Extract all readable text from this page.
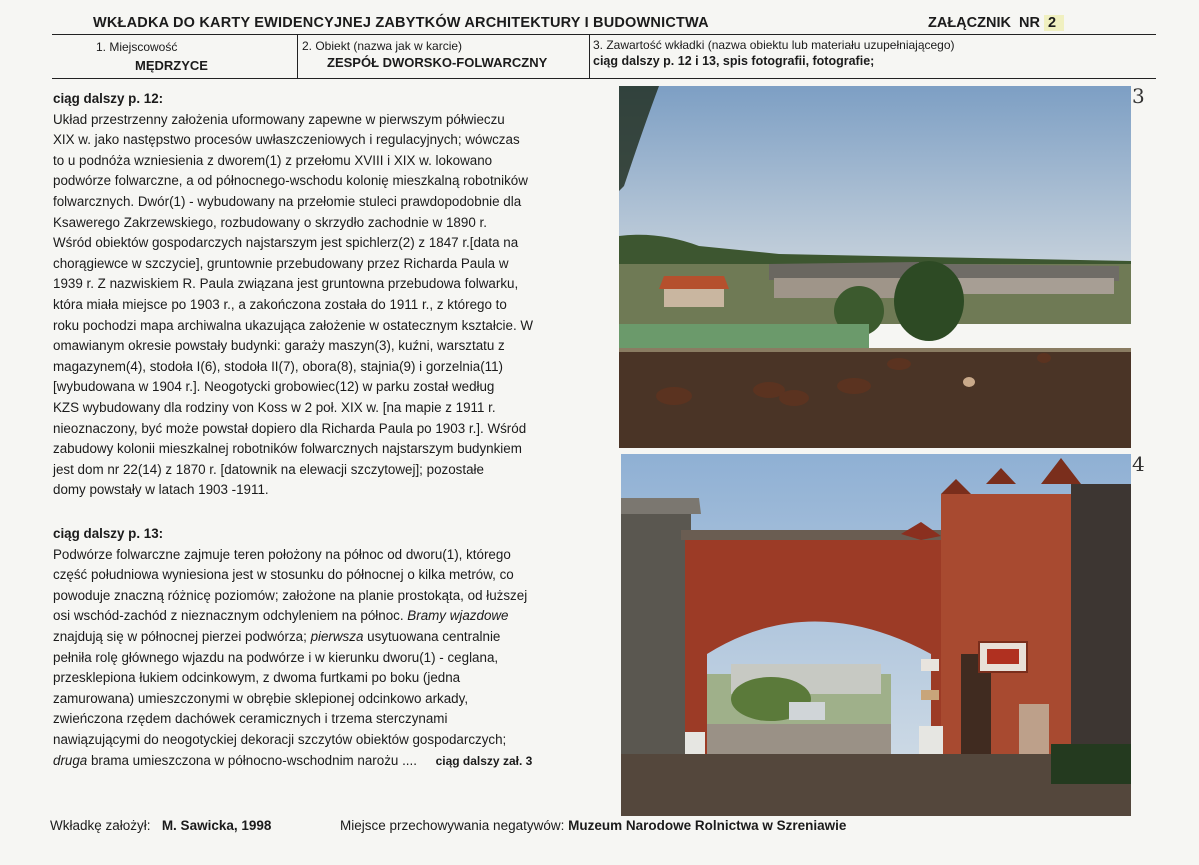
WKŁADKA DO KARTY EWIDENCYJNEJ ZABYTKÓW ARCHITEKTURY I BUDOWNICTWA	ZAŁĄCZNIK NR 2
1. Miejscowość
MĘDRZYCE
2. Obiekt (nazwa jak w karcie)
ZESPÓŁ DWORSKO-FOLWARCZNY
3. Zawartość wkładki (nazwa obiektu lub materiału uzupełniającego)
ciąg dalszy p. 12 i 13, spis fotografii, fotografie;

ciąg dalszy p. 12:

Układ przestrzenny założenia uformowany zapewne w pierwszym półwieczu

XIX w. jako następstwo procesów uwłaszczeniowych i regulacyjnych; wówczas

to u podnóża wzniesienia z dworem(1) z przełomu XVIII i XIX w. lokowano

podwórze folwarczne, a od północnego-wschodu kolonię mieszkalną robotników

folwarcznych. Dwór(1) - wybudowany na przełomie stuleci prawdopodobnie dla

Ksawerego Zakrzewskiego, rozbudowany o skrzydło zachodnie w 1890 r.

Wśród obiektów gospodarczych najstarszym jest spichlerz(2) z 1847 r.[data na

chorągiewce w szczycie], gruntownie przebudowany przez Richarda Paula w

1939 r. Z nazwiskiem R. Paula związana jest gruntowna przebudowa folwarku,

która miała miejsce po 1903 r., a zakończona została do 1911 r., z którego to

roku pochodzi mapa archiwalna ukazująca założenie w ostatecznym kształcie. W

omawianym okresie powstały budynki: garaży maszyn(3), kuźni, warsztatu z

magazynem(4), stodoła I(6), stodoła II(7), obora(8), stajnia(9) i gorzelnia(11)

[wybudowana w 1904 r.]. Neogotycki grobowiec(12) w parku został według

KZS wybudowany dla rodziny von Koss w 2 poł. XIX w. [na mapie z 1911 r.

nieoznaczony, być może powstał dopiero dla Richarda Paula po 1903 r.]. Wśród

zabudowy kolonii mieszkalnej robotników folwarcznych najstarszym budynkiem

jest dom nr 22(14) z 1870 r. [datownik na elewacji szczytowej]; pozostałe

domy powstały w latach 1903 -1911.

ciąg dalszy p. 13:

Podwórze folwarczne zajmuje teren położony na północ od dworu(1), którego

część południowa wyniesiona jest w stosunku do północnej o kilka metrów, co

powoduje znaczną różnicę poziomów; założone na planie prostokąta, od łuższej

osi wschód-zachód z nieznacznym odchyleniem na północ. Bramy wjazdowe

znajdują się w północnej pierzei podwórza; pierwsza usytuowana centralnie

pełniła rolę głównego wjazdu na podwórze i w kierunku dworu(1) - ceglana,

przesklepiona łukiem odcinkowym, z dwoma furtkami po boku (jedna

zamurowana) umieszczonymi w obrębie sklepionej odcinkowo arkady,

zwieńczona rzędem dachówek ceramicznych i trzema sterczynami

nawiązującymi do neogotyckiej dekoracji szczytów obiektów gospodarczych;

druga brama umieszczona w północno-wschodnim narożu .... ciąg dalszy zał. 3

3
4
Wkładkę założył: M. Sawicka, 1998	Miejsce przechowywania negatywów: Muzeum Narodowe Rolnictwa w Szreniawie
